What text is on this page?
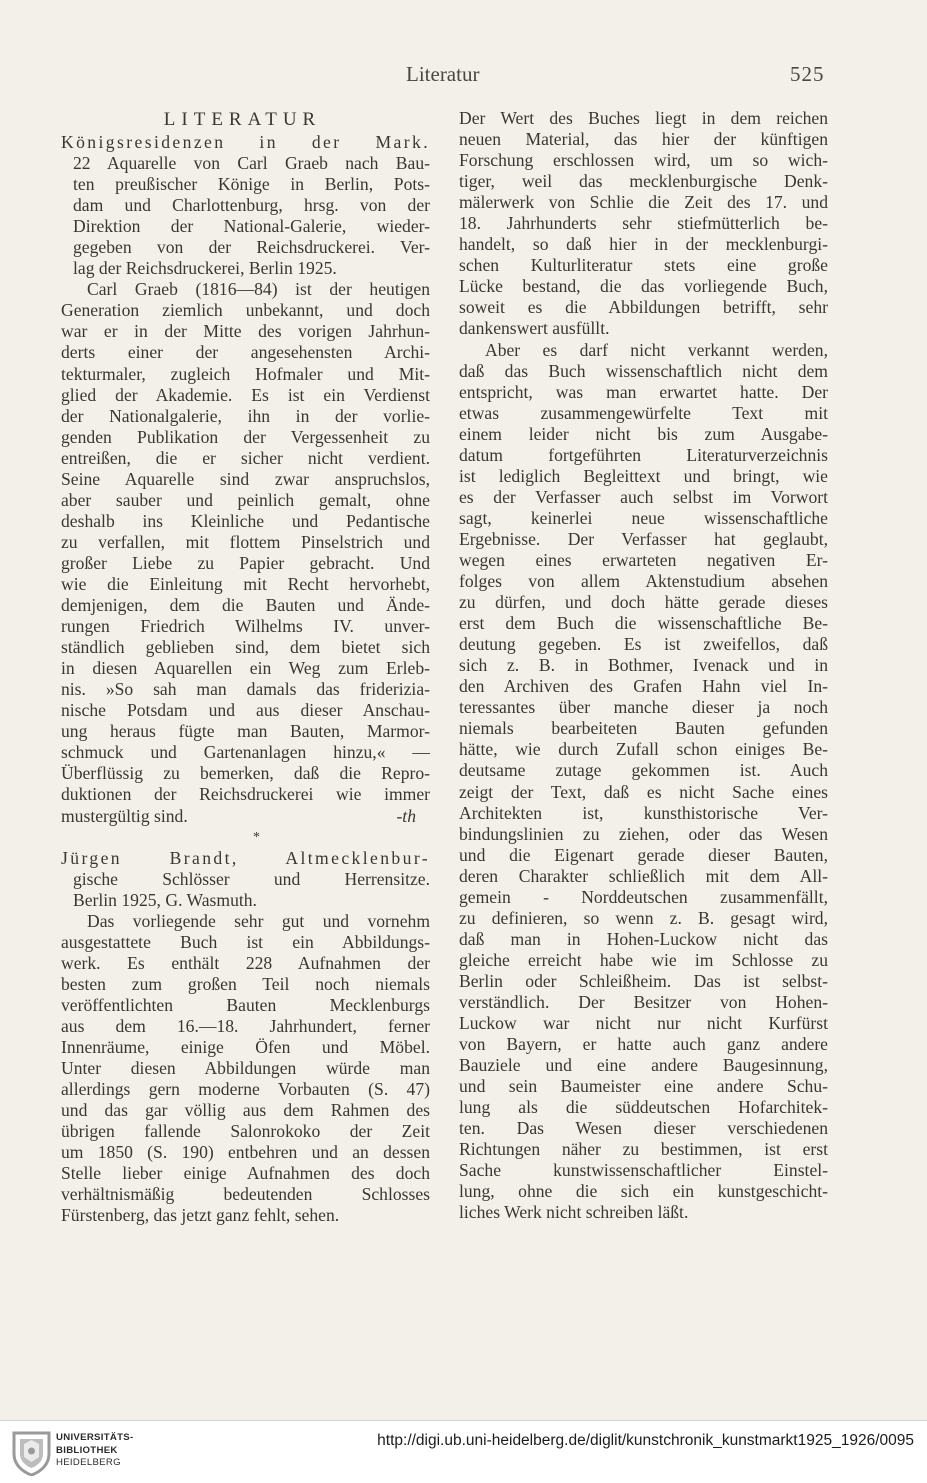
Literatur	525
LITERATUR
Königsresidenzen in der Mark.
22 Aquarelle von Carl Graeb nach Bau-
ten preußischer Könige in Berlin, Pots-
dam und Charlottenburg, hrsg. von der
Direktion der National-Galerie, wieder-
gegeben von der Reichsdruckerei. Ver-
lag der Reichsdruckerei, Berlin 1925.
Carl Graeb (1816—84) ist der heutigen
Generation ziemlich unbekannt, und doch
war er in der Mitte des vorigen Jahrhun-
derts einer der angesehensten Archi-
tekturmaler, zugleich Hofmaler und Mit-
glied der Akademie. Es ist ein Verdienst
der Nationalgalerie, ihn in der vorlie-
genden Publikation der Vergessenheit zu
entreißen, die er sicher nicht verdient.
Seine Aquarelle sind zwar anspruchslos,
aber sauber und peinlich gemalt, ohne
deshalb ins Kleinliche und Pedantische
zu verfallen, mit flottem Pinselstrich und
großer Liebe zu Papier gebracht. Und
wie die Einleitung mit Recht hervorhebt,
demjenigen, dem die Bauten und Ände-
rungen Friedrich Wilhelms IV. unver-
ständlich geblieben sind, dem bietet sich
in diesen Aquarellen ein Weg zum Erleb-
nis. »So sah man damals das friderizia-
nische Potsdam und aus dieser Anschau-
ung heraus fügte man Bauten, Marmor-
schmuck und Gartenanlagen hinzu,« —
Überflüssig zu bemerken, daß die Repro-
duktionen der Reichsdruckerei wie immer
mustergültig sind.	-th
*
Jürgen Brandt, Altmecklenbur-
gische Schlösser und Herrensitze.
Berlin 1925, G. Wasmuth.
Das vorliegende sehr gut und vornehm
ausgestattete Buch ist ein Abbildungs-
werk. Es enthält 228 Aufnahmen der
besten zum großen Teil noch niemals
veröffentlichten Bauten Mecklenburgs
aus dem 16.—18. Jahrhundert, ferner
Innenräume, einige Öfen und Möbel.
Unter diesen Abbildungen würde man
allerdings gern moderne Vorbauten (S. 47)
und das gar völlig aus dem Rahmen des
übrigen fallende Salonrokoko der Zeit
um 1850 (S. 190) entbehren und an dessen
Stelle lieber einige Aufnahmen des doch
verhältnismäßig bedeutenden Schlosses
Fürstenberg, das jetzt ganz fehlt, sehen.
Der Wert des Buches liegt in dem reichen
neuen Material, das hier der künftigen
Forschung erschlossen wird, um so wich-
tiger, weil das mecklenburgische Denk-
mälerwerk von Schlie die Zeit des 17. und
18. Jahrhunderts sehr stiefmütterlich be-
handelt, so daß hier in der mecklenburgi-
schen Kulturliteratur stets eine große
Lücke bestand, die das vorliegende Buch,
soweit es die Abbildungen betrifft, sehr
dankenswert ausfüllt.
Aber es darf nicht verkannt werden,
daß das Buch wissenschaftlich nicht dem
entspricht, was man erwartet hatte. Der
etwas zusammengewürfelte Text mit
einem leider nicht bis zum Ausgabe-
datum fortgeführten Literaturverzeichnis
ist lediglich Begleittext und bringt, wie
es der Verfasser auch selbst im Vorwort
sagt, keinerlei neue wissenschaftliche
Ergebnisse. Der Verfasser hat geglaubt,
wegen eines erwarteten negativen Er-
folges von allem Aktenstudium absehen
zu dürfen, und doch hätte gerade dieses
erst dem Buch die wissenschaftliche Be-
deutung gegeben. Es ist zweifellos, daß
sich z. B. in Bothmer, Ivenack und in
den Archiven des Grafen Hahn viel In-
teressantes über manche dieser ja noch
niemals bearbeiteten Bauten gefunden
hätte, wie durch Zufall schon einiges Be-
deutsame zutage gekommen ist. Auch
zeigt der Text, daß es nicht Sache eines
Architekten ist, kunsthistorische Ver-
bindungslinien zu ziehen, oder das Wesen
und die Eigenart gerade dieser Bauten,
deren Charakter schließlich mit dem All-
gemein - Norddeutschen zusammenfällt,
zu definieren, so wenn z. B. gesagt wird,
daß man in Hohen-Luckow nicht das
gleiche erreicht habe wie im Schlosse zu
Berlin oder Schleißheim. Das ist selbst-
verständlich. Der Besitzer von Hohen-
Luckow war nicht nur nicht Kurfürst
von Bayern, er hatte auch ganz andere
Bauziele und eine andere Baugesinnung,
und sein Baumeister eine andere Schu-
lung als die süddeutschen Hofarchitek-
ten. Das Wesen dieser verschiedenen
Richtungen näher zu bestimmen, ist erst
Sache kunstwissenschaftlicher Einstel-
lung, ohne die sich ein kunstgeschicht-
liches Werk nicht schreiben läßt.
UNIVERSITÄTS-
BIBLIOTHEK
HEIDELBERG
http://digi.ub.uni-heidelberg.de/diglit/kunstchronik_kunstmarkt1925_1926/0095
